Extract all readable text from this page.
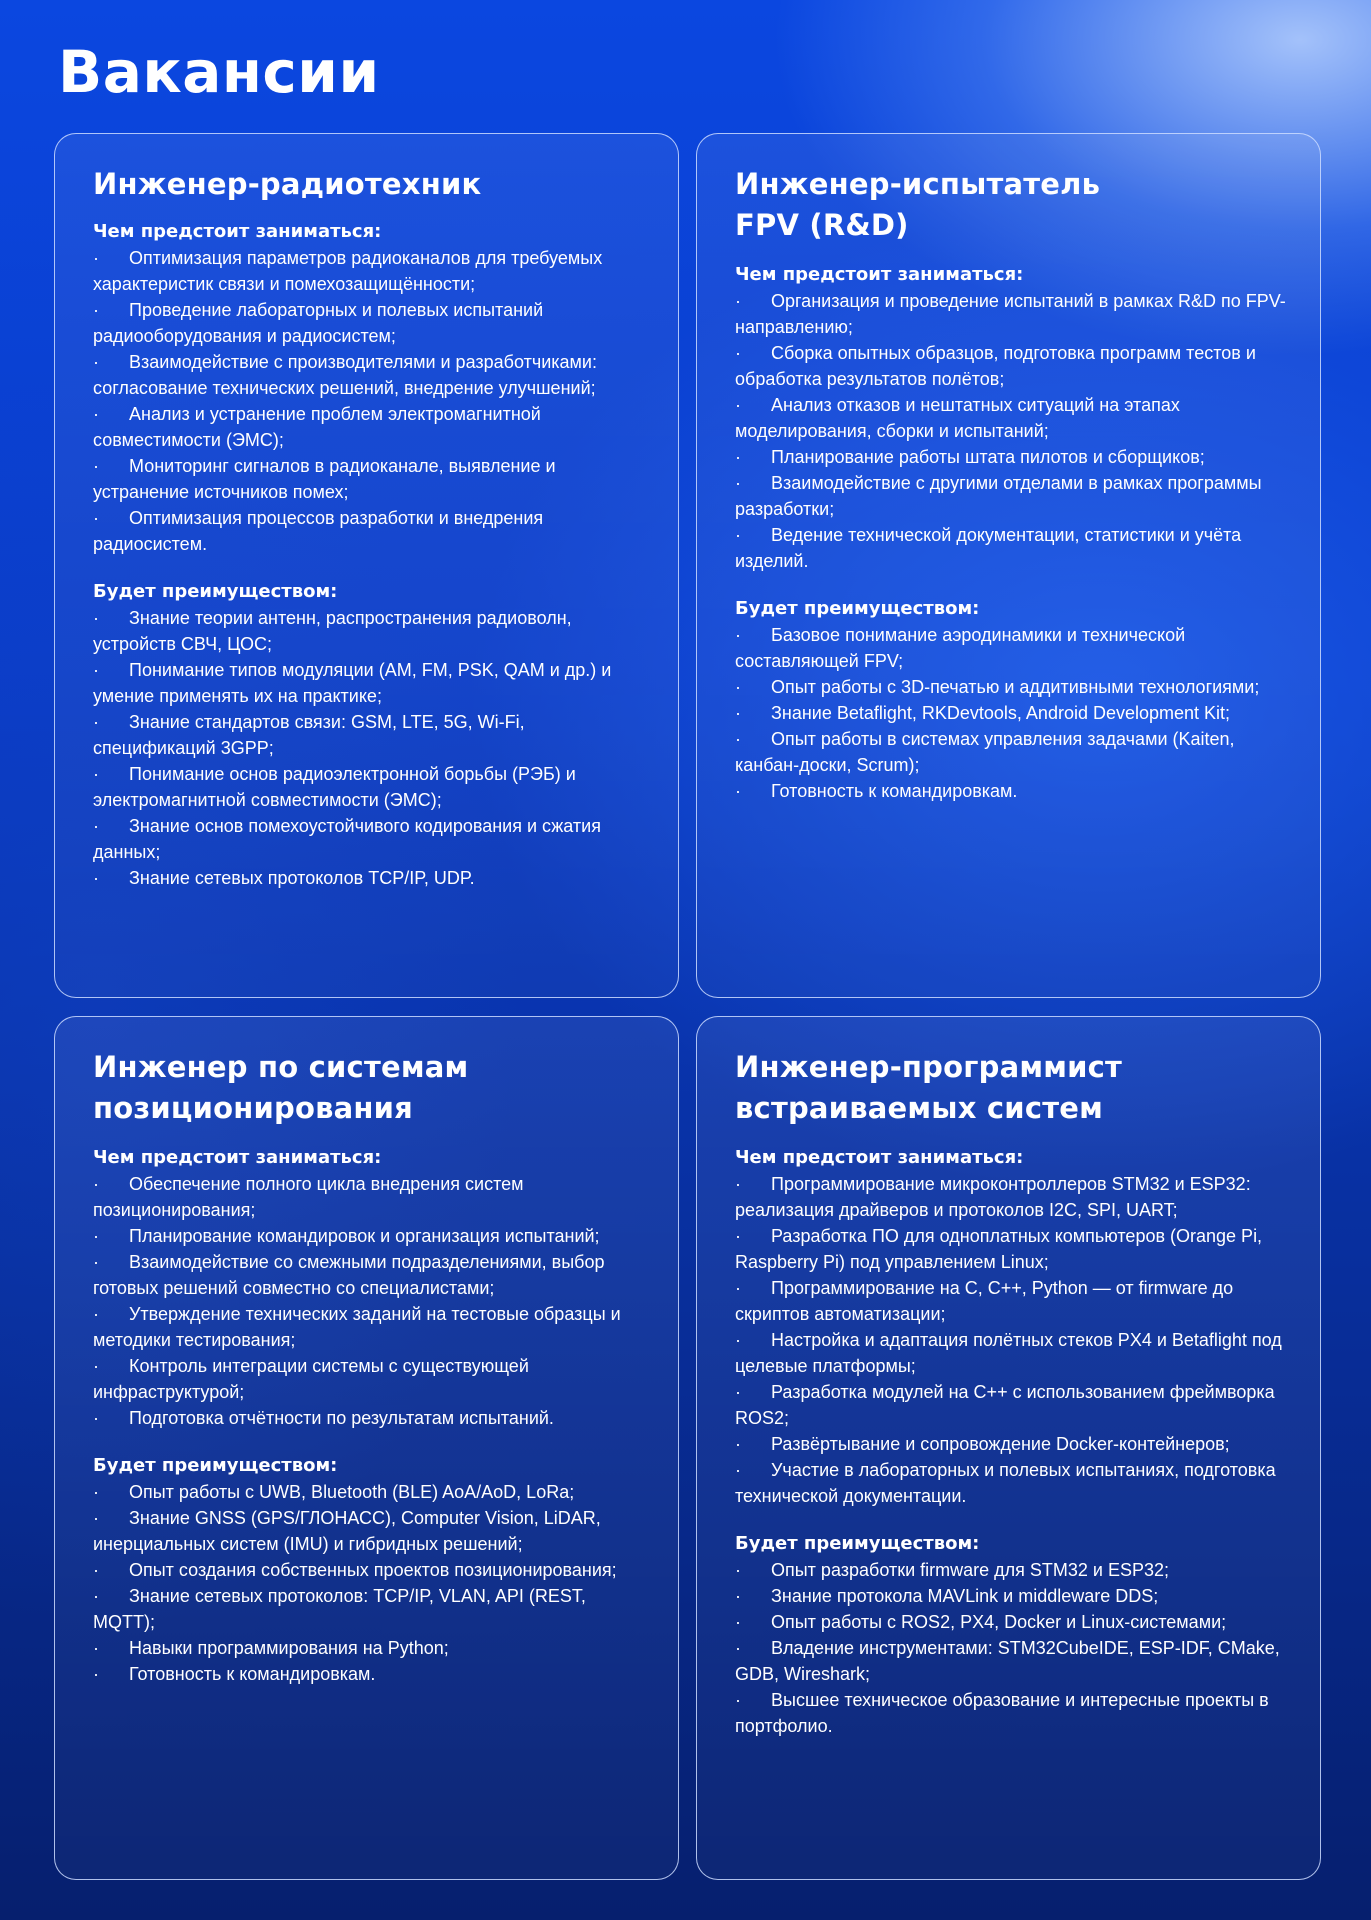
Вакансии
Инженер-радиотехник

Чем предстоит заниматься:

· Оптимизация параметров радиоканалов для требуемых характеристик связи и помехозащищённости;
· Проведение лабораторных и полевых испытаний радиооборудования и радиосистем;
· Взаимодействие с производителями и разработчиками: согласование технических решений, внедрение улучшений;
· Анализ и устранение проблем электромагнитной совместимости (ЭМС);
· Мониторинг сигналов в радиоканале, выявление и устранение источников помех;
· Оптимизация процессов разработки и внедрения радиосистем.

Будет преимуществом:

· Знание теории антенн, распространения радиоволн, устройств СВЧ, ЦОС;
· Понимание типов модуляции (AM, FM, PSK, QAM и др.) и умение применять их на практике;
· Знание стандартов связи: GSM, LTE, 5G, Wi-Fi, спецификаций 3GPP;
· Понимание основ радиоэлектронной борьбы (РЭБ) и электромагнитной совместимости (ЭМС);
· Знание основ помехоустойчивого кодирования и сжатия данных;
· Знание сетевых протоколов TCP/IP, UDP.
Инженер-испытатель FPV (R&D)

Чем предстоит заниматься:

· Организация и проведение испытаний в рамках R&D по FPV-направлению;
· Сборка опытных образцов, подготовка программ тестов и обработка результатов полётов;
· Анализ отказов и нештатных ситуаций на этапах моделирования, сборки и испытаний;
· Планирование работы штата пилотов и сборщиков;
· Взаимодействие с другими отделами в рамках программы разработки;
· Ведение технической документации, статистики и учёта изделий.

Будет преимуществом:

· Базовое понимание аэродинамики и технической составляющей FPV;
· Опыт работы с 3D-печатью и аддитивными технологиями;
· Знание Betaflight, RKDevtools, Android Development Kit;
· Опыт работы в системах управления задачами (Kaiten, канбан-доски, Scrum);
· Готовность к командировкам.
Инженер по системам позиционирования

Чем предстоит заниматься:

· Обеспечение полного цикла внедрения систем позиционирования;
· Планирование командировок и организация испытаний;
· Взаимодействие со смежными подразделениями, выбор готовых решений совместно со специалистами;
· Утверждение технических заданий на тестовые образцы и методики тестирования;
· Контроль интеграции системы с существующей инфраструктурой;
· Подготовка отчётности по результатам испытаний.

Будет преимуществом:

· Опыт работы с UWB, Bluetooth (BLE) AoA/AoD, LoRa;
· Знание GNSS (GPS/ГЛОНАСС), Computer Vision, LiDAR, инерциальных систем (IMU) и гибридных решений;
· Опыт создания собственных проектов позиционирования;
· Знание сетевых протоколов: TCP/IP, VLAN, API (REST, MQTT);
· Навыки программирования на Python;
· Готовность к командировкам.
Инженер-программист встраиваемых систем

Чем предстоит заниматься:

· Программирование микроконтроллеров STM32 и ESP32: реализация драйверов и протоколов I2C, SPI, UART;
· Разработка ПО для одноплатных компьютеров (Orange Pi, Raspberry Pi) под управлением Linux;
· Программирование на C, C++, Python — от firmware до скриптов автоматизации;
· Настройка и адаптация полётных стеков PX4 и Betaflight под целевые платформы;
· Разработка модулей на C++ с использованием фреймворка ROS2;
· Развёртывание и сопровождение Docker-контейнеров;
· Участие в лабораторных и полевых испытаниях, подготовка технической документации.

Будет преимуществом:

· Опыт разработки firmware для STM32 и ESP32;
· Знание протокола MAVLink и middleware DDS;
· Опыт работы с ROS2, PX4, Docker и Linux-системами;
· Владение инструментами: STM32CubeIDE, ESP-IDF, CMake, GDB, Wireshark;
· Высшее техническое образование и интересные проекты в портфолио.
